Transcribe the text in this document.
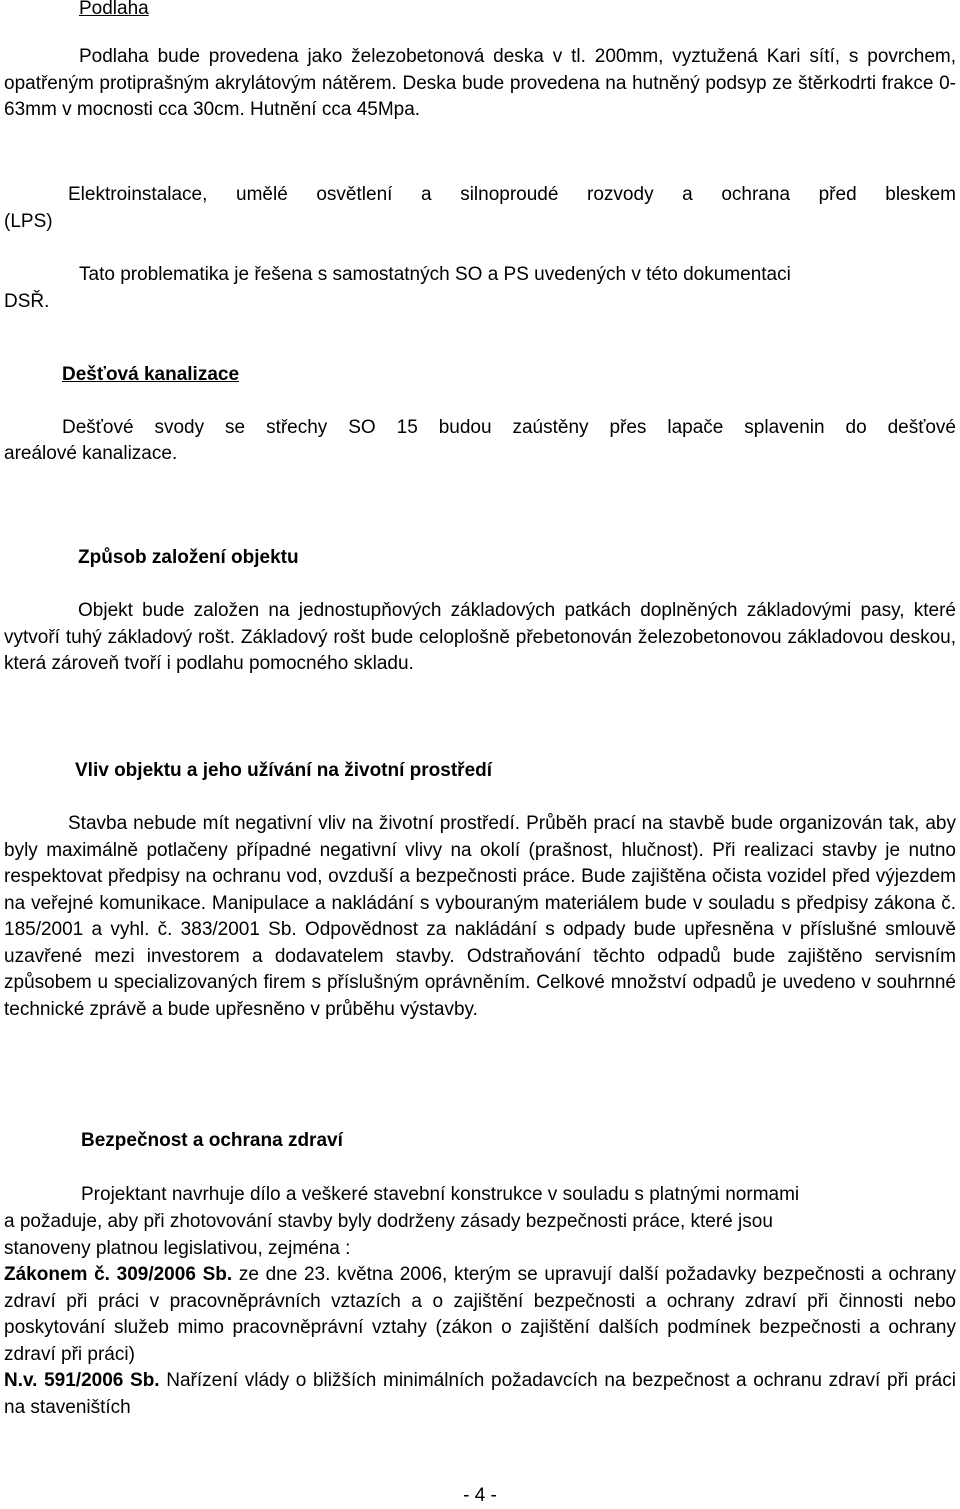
Podlaha

Podlaha bude provedena jako železobetonová deska v tl. 200mm, vyztužená Kari sítí, s povrchem, opatřeným protiprašným akrylátovým nátěrem. Deska bude provedena na hutněný podsyp ze štěrkodrti frakce 0-63mm v mocnosti cca 30cm. Hutnění cca 45Mpa.

Elektroinstalace, umělé osvětlení a silnoproudé rozvody a ochrana před bleskem

(LPS)

Tato problematika je řešena s samostatných SO a PS uvedených v této dokumentaci

DSŘ.

Dešťová kanalizace

Dešťové svody se střechy SO 15 budou zaústěny přes lapače splavenin do dešťové

areálové kanalizace.

Způsob založení objektu

Objekt bude založen na jednostupňových základových patkách doplněných základovými pasy, které vytvoří tuhý základový rošt. Základový rošt bude celoplošně přebetonován železobetonovou základovou deskou, která zároveň tvoří i podlahu pomocného skladu.

Vliv objektu a jeho užívání na životní prostředí

Stavba nebude mít negativní vliv na životní prostředí. Průběh prací na stavbě bude organizován tak, aby byly maximálně potlačeny případné negativní vlivy na okolí (prašnost, hlučnost). Při realizaci stavby je nutno respektovat předpisy na ochranu vod, ovzduší a bezpečnosti práce. Bude zajištěna očista vozidel před výjezdem na veřejné komunikace. Manipulace a nakládání s vybouraným materiálem bude v souladu s předpisy zákona č. 185/2001 a vyhl. č. 383/2001 Sb. Odpovědnost za nakládání s odpady bude upřesněna v příslušné smlouvě uzavřené mezi investorem a dodavatelem stavby. Odstraňování těchto odpadů bude zajištěno servisním způsobem u specializovaných firem s příslušným oprávněním. Celkové množství odpadů je uvedeno v souhrnné technické zprávě a bude upřesněno v průběhu výstavby.

Bezpečnost a ochrana zdraví

Projektant navrhuje dílo a veškeré stavební konstrukce v souladu s platnými normami

a požaduje, aby při zhotovování stavby byly dodrženy zásady bezpečnosti práce, které jsou

stanoveny platnou legislativou, zejména :

Zákonem č. 309/2006 Sb. ze dne 23. května 2006, kterým se upravují další požadavky bezpečnosti a ochrany zdraví při práci v pracovněprávních vztazích a o zajištění bezpečnosti a ochrany zdraví při činnosti nebo poskytování služeb mimo pracovněprávní vztahy (zákon o zajištění dalších podmínek bezpečnosti a ochrany zdraví při práci)

N.v. 591/2006 Sb. Nařízení vlády o bližších minimálních požadavcích na bezpečnost a ochranu zdraví při práci na staveništích

- 4 -
